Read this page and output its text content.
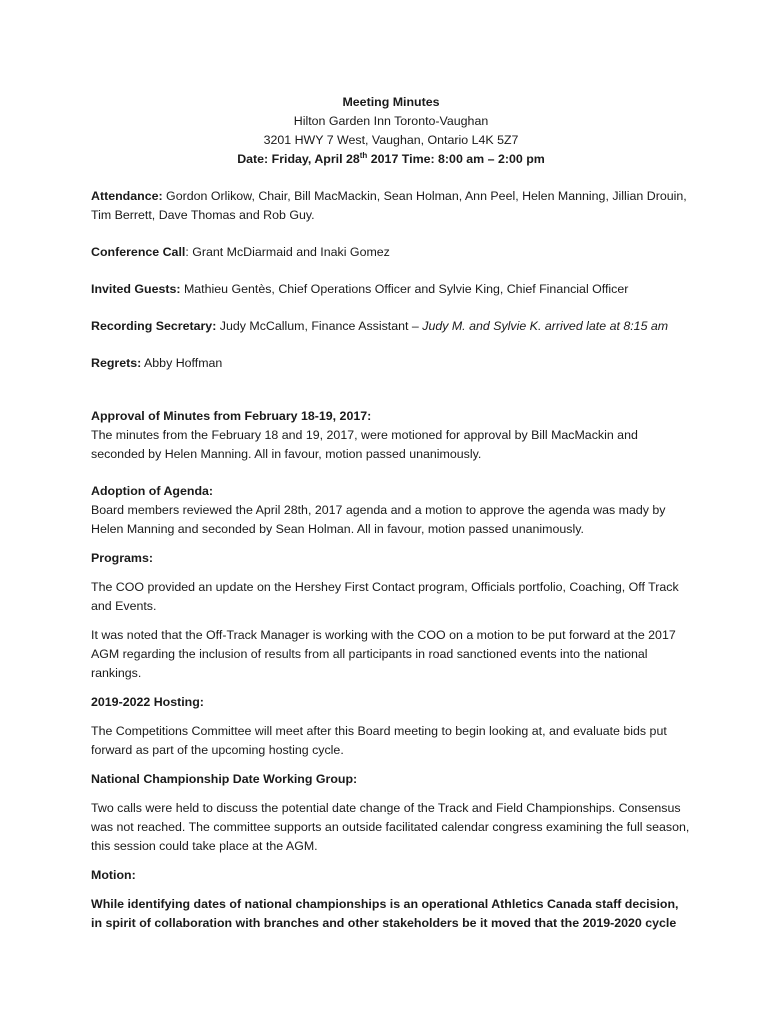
Meeting Minutes

Hilton Garden Inn Toronto-Vaughan

3201 HWY 7 West, Vaughan, Ontario L4K 5Z7

Date: Friday, April 28th 2017 Time: 8:00 am – 2:00 pm

Attendance: Gordon Orlikow, Chair, Bill MacMackin, Sean Holman, Ann Peel, Helen Manning, Jillian Drouin, Tim Berrett, Dave Thomas and Rob Guy.

Conference Call: Grant McDiarmaid and Inaki Gomez

Invited Guests: Mathieu Gentès, Chief Operations Officer and Sylvie King, Chief Financial Officer

Recording Secretary: Judy McCallum, Finance Assistant – Judy M. and Sylvie K. arrived late at 8:15 am

Regrets: Abby Hoffman

Approval of Minutes from February 18-19, 2017:

The minutes from the February 18 and 19, 2017, were motioned for approval by Bill MacMackin and seconded by Helen Manning. All in favour, motion passed unanimously.

Adoption of Agenda:

Board members reviewed the April 28th, 2017 agenda and a motion to approve the agenda was mady by Helen Manning and seconded by Sean Holman. All in favour, motion passed unanimously.

Programs:

The COO provided an update on the Hershey First Contact program, Officials portfolio, Coaching, Off Track and Events.

It was noted that the Off-Track Manager is working with the COO on a motion to be put forward at the 2017 AGM regarding the inclusion of results from all participants in road sanctioned events into the national rankings.

2019-2022 Hosting:

The Competitions Committee will meet after this Board meeting to begin looking at, and evaluate bids put forward as part of the upcoming hosting cycle.

National Championship Date Working Group:

Two calls were held to discuss the potential date change of the Track and Field Championships. Consensus was not reached. The committee supports an outside facilitated calendar congress examining the full season, this session could take place at the AGM.

Motion:

While identifying dates of national championships is an operational Athletics Canada staff decision, in spirit of collaboration with branches and other stakeholders be it moved that the 2019-2020 cycle
